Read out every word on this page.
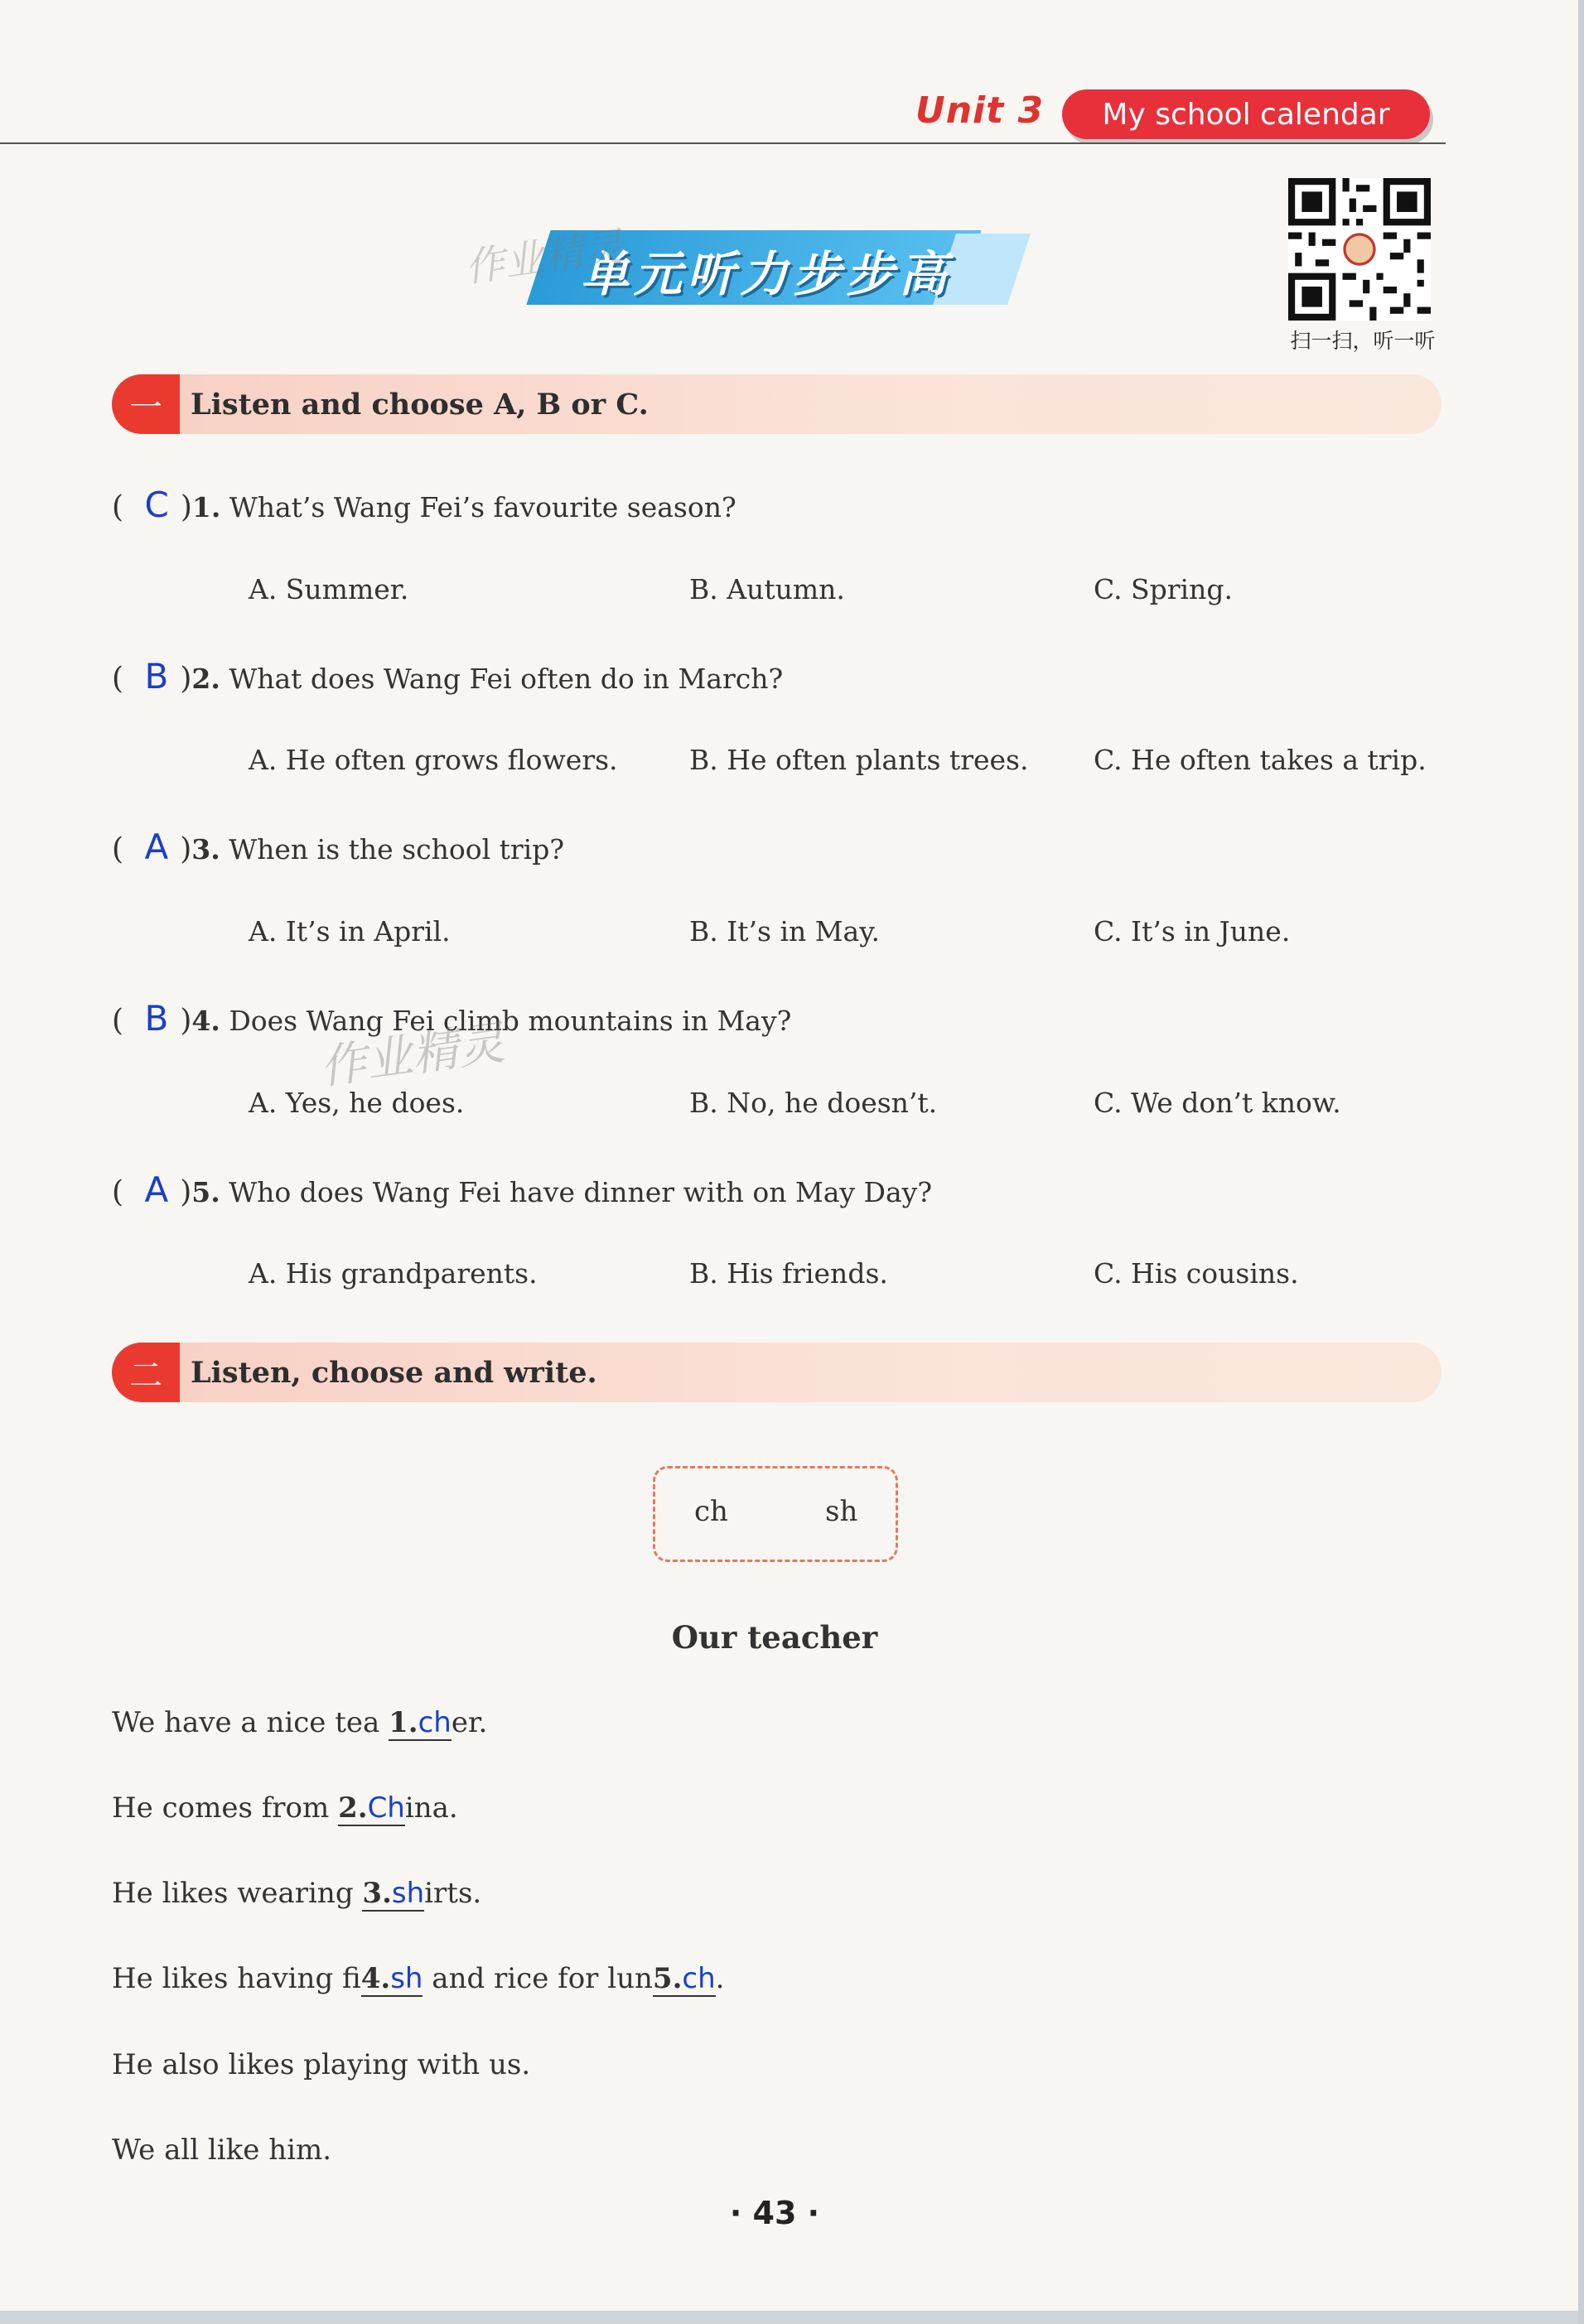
Unit 3	My school calendar
单元听力步步高
作业精灵
扫一扫，听一听
一 Listen and choose A, B or C.
( C )1. What’s Wang Fei’s favourite season?
A. Summer.	B. Autumn.	C. Spring.
( B )2. What does Wang Fei often do in March?
A. He often grows flowers.	B. He often plants trees. C. He often takes a trip.
( A )3. When is the school trip?
A. It’s in April.	B. It’s in May.	C. It’s in June.
( B )4. Does Wang Fei climb mountains in May?
作业精灵
A. Yes, he does.	B. No, he doesn’t.	C. We don’t know.
( A )5. Who does Wang Fei have dinner with on May Day?
A. His grandparents.	B. His friends.	C. His cousins.
二 Listen, choose and write.
ch	sh
Our teacher
We have a nice tea 1.cher.
He comes from 2.China.
He likes wearing 3.shirts.
He likes having fi4.sh and rice for lun5.ch.
He also likes playing with us.
We all like him.
· 43 ·
